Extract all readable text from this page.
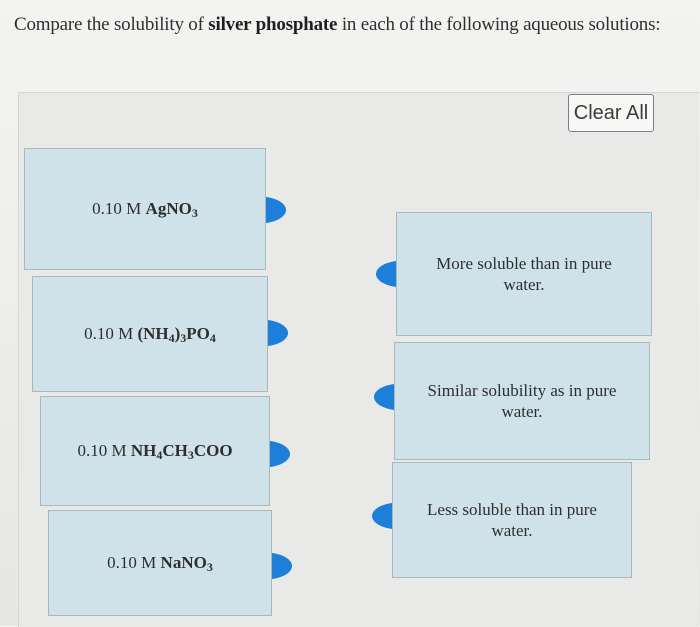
Compare the solubility of silver phosphate in each of the following aqueous solutions:
Clear All
0.10 M
AgNO$_3$
0.10 M
$(NH_4)_3PO_4$
0.10 M
$NH_4CH_3COO$
0.10 M
NaNO$_3$
More soluble than in pure water.
Similar solubility as in pure water.
Less soluble than in pure water.
